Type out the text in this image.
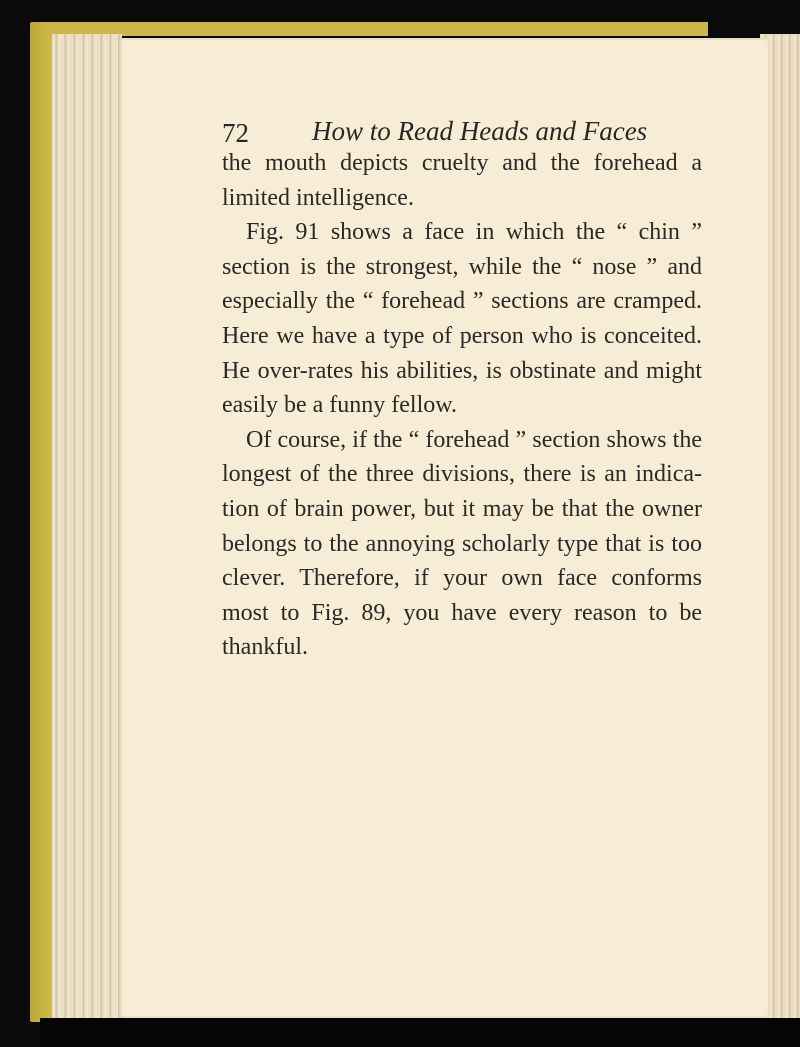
72 How to Read Heads and Faces

the mouth depicts cruelty and the forehead a

limited intelligence.

Fig. 91 shows a face in which the “ chin ”

section is the strongest, while the “ nose ” and

especially the “ forehead ” sections are cramped.

Here we have a type of person who is conceited.

He over-rates his abilities, is obstinate and might

easily be a funny fellow.

Of course, if the “ forehead ” section shows the

longest of the three divisions, there is an indica-

tion of brain power, but it may be that the owner

belongs to the annoying scholarly type that is too

clever. Therefore, if your own face conforms

most to Fig. 89, you have every reason to be

thankful.
